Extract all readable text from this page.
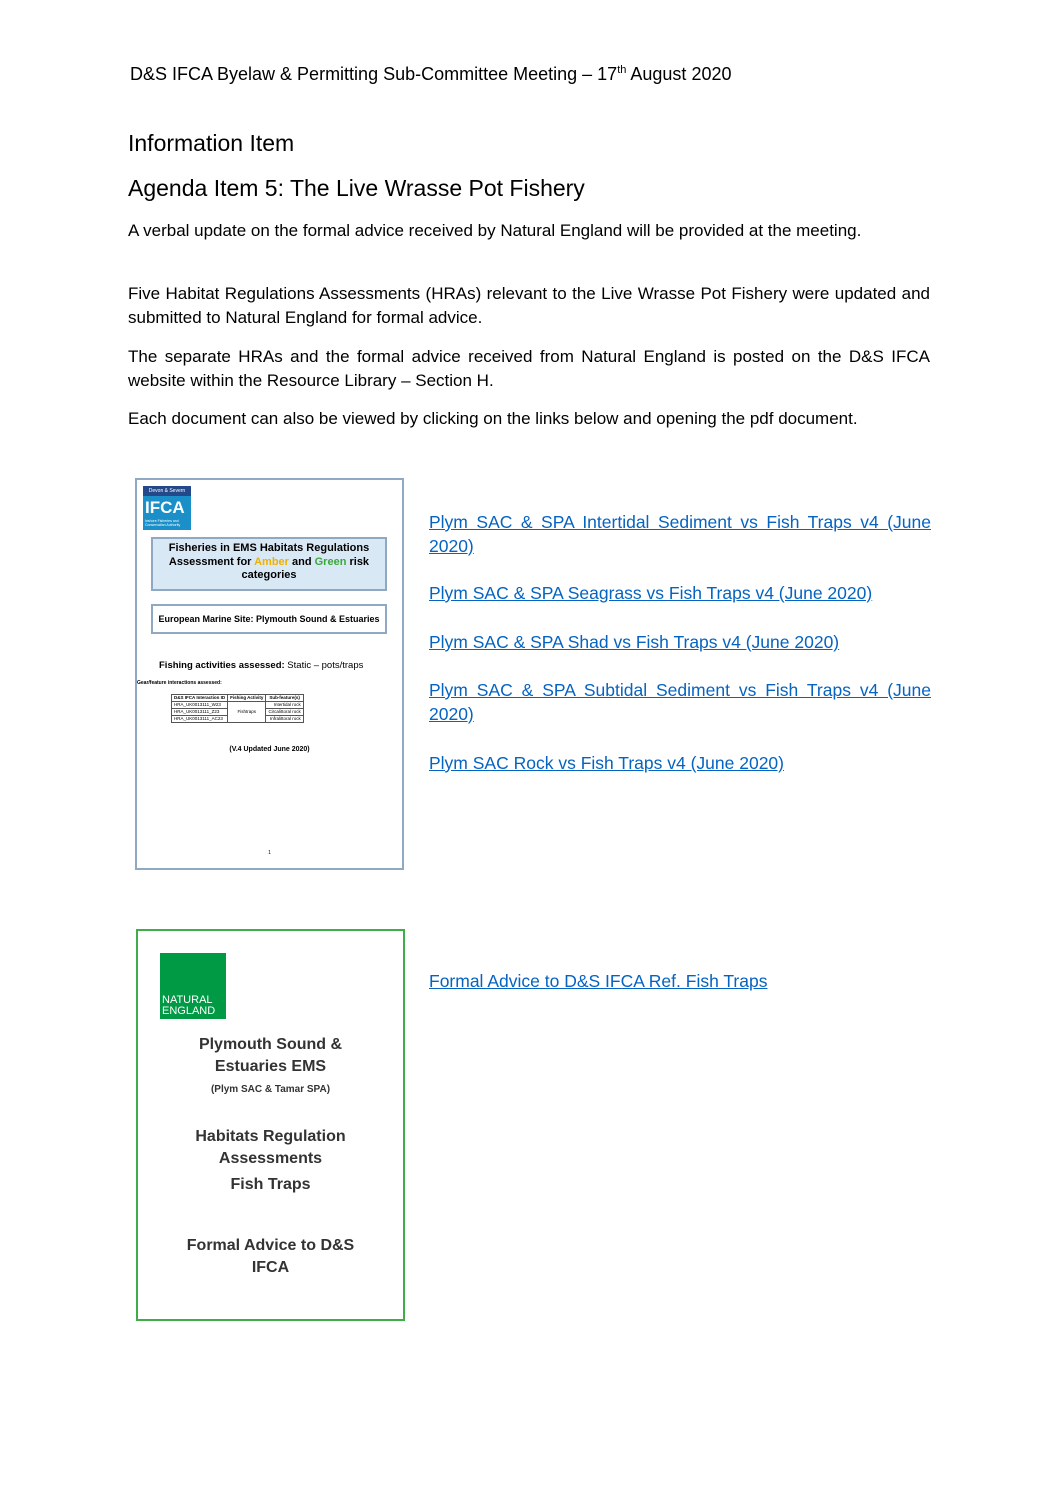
D&S IFCA Byelaw & Permitting Sub-Committee Meeting – 17th August 2020
Information Item
Agenda Item 5: The Live Wrasse Pot Fishery

A verbal update on the formal advice received by Natural England will be provided at the meeting.

Five Habitat Regulations Assessments (HRAs) relevant to the Live Wrasse Pot Fishery were updated and submitted to Natural England for formal advice.

The separate HRAs and the formal advice received from Natural England is posted on the D&S IFCA website within the Resource Library – Section H.

Each document can also be viewed by clicking on the links below and opening the pdf document.

Devon & Severn
IFCA
Inshore Fisheries and Conservation Authority
Fisheries in EMS Habitats Regulations Assessment for Amber and Green risk categories
European Marine Site: Plymouth Sound & Estuaries
Fishing activities assessed: Static – pots/traps
Gear/feature interactions assessed:
D&S IFCA Interaction ID	Fishing Activity	Sub-feature(s)
HRA_UK0013111_W23	Fishtraps	Intertidal rock
HRA_UK0013111_Z23		Circalittoral rock
HRA_UK0013111_AC23		Infralittoral rock
(V.4 Updated June 2020)
1

Plym SAC & SPA Intertidal Sediment vs Fish Traps v4 (June 2020)

Plym SAC & SPA Seagrass vs Fish Traps v4 (June 2020)

Plym SAC & SPA Shad vs Fish Traps v4 (June 2020)

Plym SAC & SPA Subtidal Sediment vs Fish Traps v4 (June 2020)

Plym SAC Rock vs Fish Traps v4 (June 2020)

NATURAL
ENGLAND
Plymouth Sound &
Estuaries EMS
(Plym SAC & Tamar SPA)
Habitats Regulation
Assessments
Fish Traps
Formal Advice to D&S
IFCA

Formal Advice to D&S IFCA Ref. Fish Traps
